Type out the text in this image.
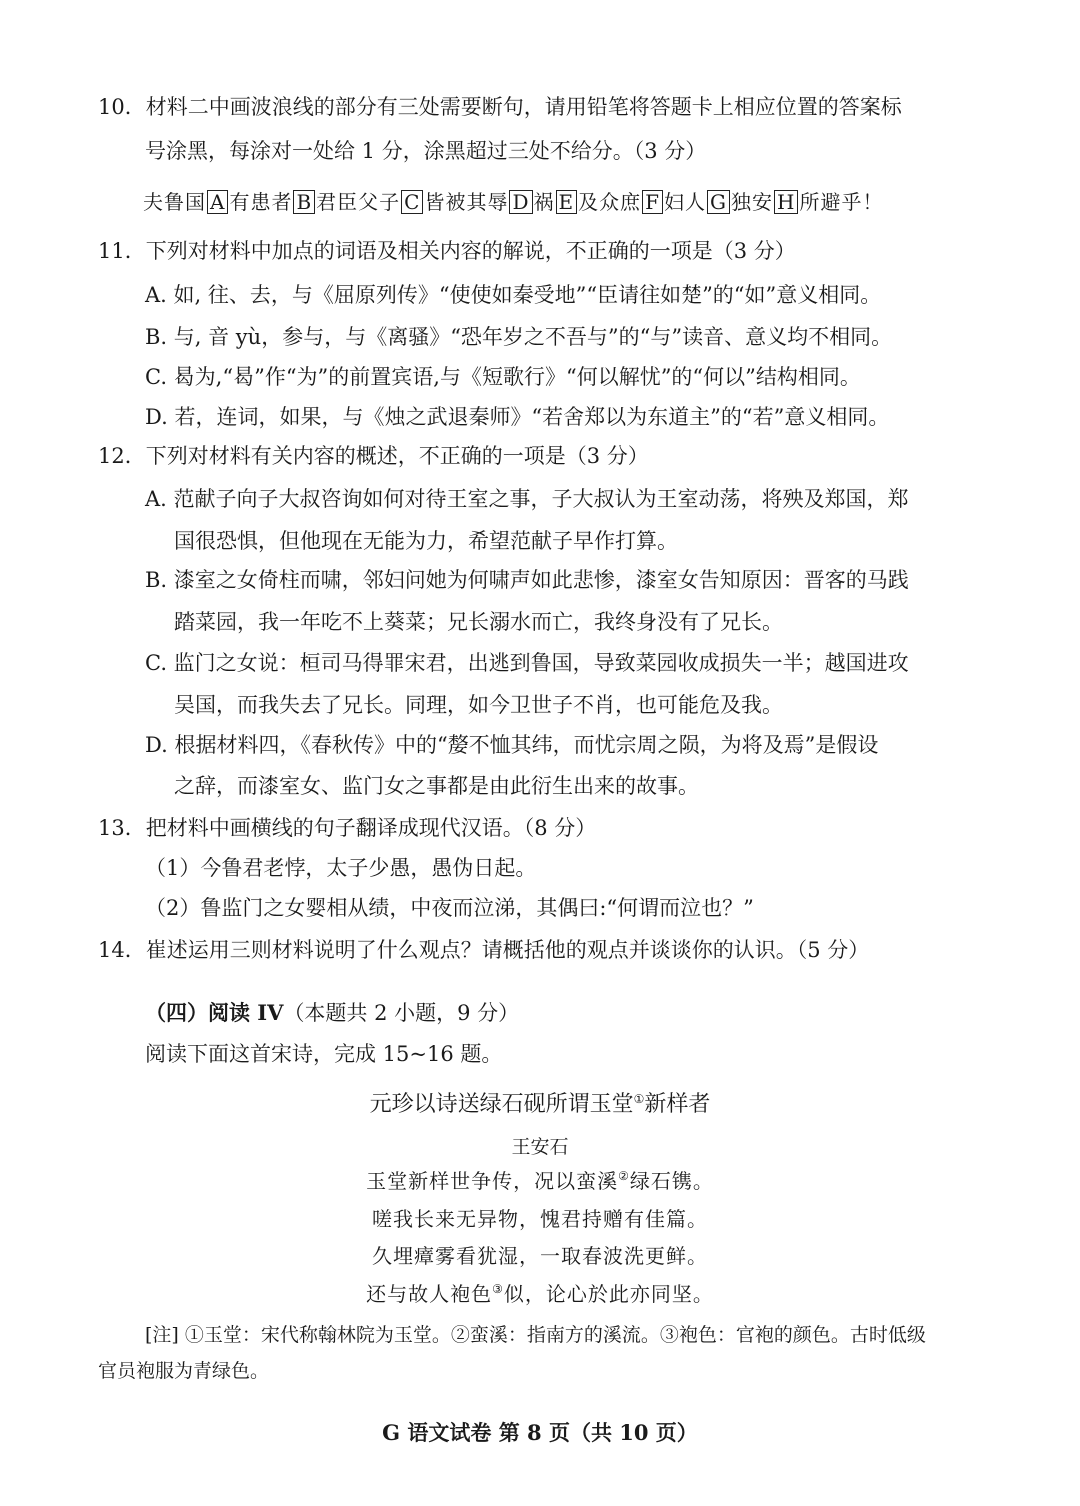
10．材料二中画波浪线的部分有三处需要断句，请用铅笔将答题卡上相应位置的答案标
号涂黑，每涂对一处给 1 分，涂黑超过三处不给分。（3 分）
夫鲁国 A 有患者 B 君臣父子 C 皆被其辱 D 祸 E 及众庶 F 妇人 G 独安 H 所避乎！
11．下列对材料中加点的词语及相关内容的解说，不正确的一项是（3 分）
A. 如, 往、去，与《屈原列传》“使使如秦受地”“臣请往如楚”的“如”意义相同。
B. 与, 音 yù，参与，与《离骚》“恐年岁之不吾与”的“与”读音、意义均不相同。
C. 曷为,“曷”作“为”的前置宾语,与《短歌行》“何以解忧”的“何以”结构相同。
D. 若，连词，如果，与《烛之武退秦师》“若舍郑以为东道主”的“若”意义相同。
12．下列对材料有关内容的概述，不正确的一项是（3 分）
A. 范献子向子大叔咨询如何对待王室之事，子大叔认为王室动荡，将殃及郑国，郑
国很恐惧，但他现在无能为力，希望范献子早作打算。
B. 漆室之女倚柱而啸，邻妇问她为何啸声如此悲惨，漆室女告知原因：晋客的马践
踏菜园，我一年吃不上葵菜；兄长溺水而亡，我终身没有了兄长。
C. 监门之女说：桓司马得罪宋君，出逃到鲁国，导致菜园收成损失一半；越国进攻
吴国，而我失去了兄长。同理，如今卫世子不肖，也可能危及我。
D. 根据材料四，《春秋传》中的“嫠不恤其纬，而忧宗周之陨，为将及焉”是假设
之辞，而漆室女、监门女之事都是由此衍生出来的故事。
13．把材料中画横线的句子翻译成现代汉语。（8 分）
（1）今鲁君老悖，太子少愚，愚伪日起。
（2）鲁监门之女婴相从绩，中夜而泣涕，其偶曰:“何谓而泣也？”
14．崔述运用三则材料说明了什么观点？请概括他的观点并谈谈你的认识。（5 分）
（四）阅读 IV（本题共 2 小题，9 分）
阅读下面这首宋诗，完成 15~16 题。
元珍以诗送绿石砚所谓玉堂①新样者
王安石
玉堂新样世争传，况以蛮溪②绿石镌。
嗟我长来无异物，愧君持赠有佳篇。
久埋瘴雾看犹湿，一取春波洗更鲜。
还与故人袍色③似，论心於此亦同坚。
[注] ①玉堂：宋代称翰林院为玉堂。②蛮溪：指南方的溪流。③袍色：官袍的颜色。古时低级
官员袍服为青绿色。
G 语文试卷 第 8 页（共 10 页）
